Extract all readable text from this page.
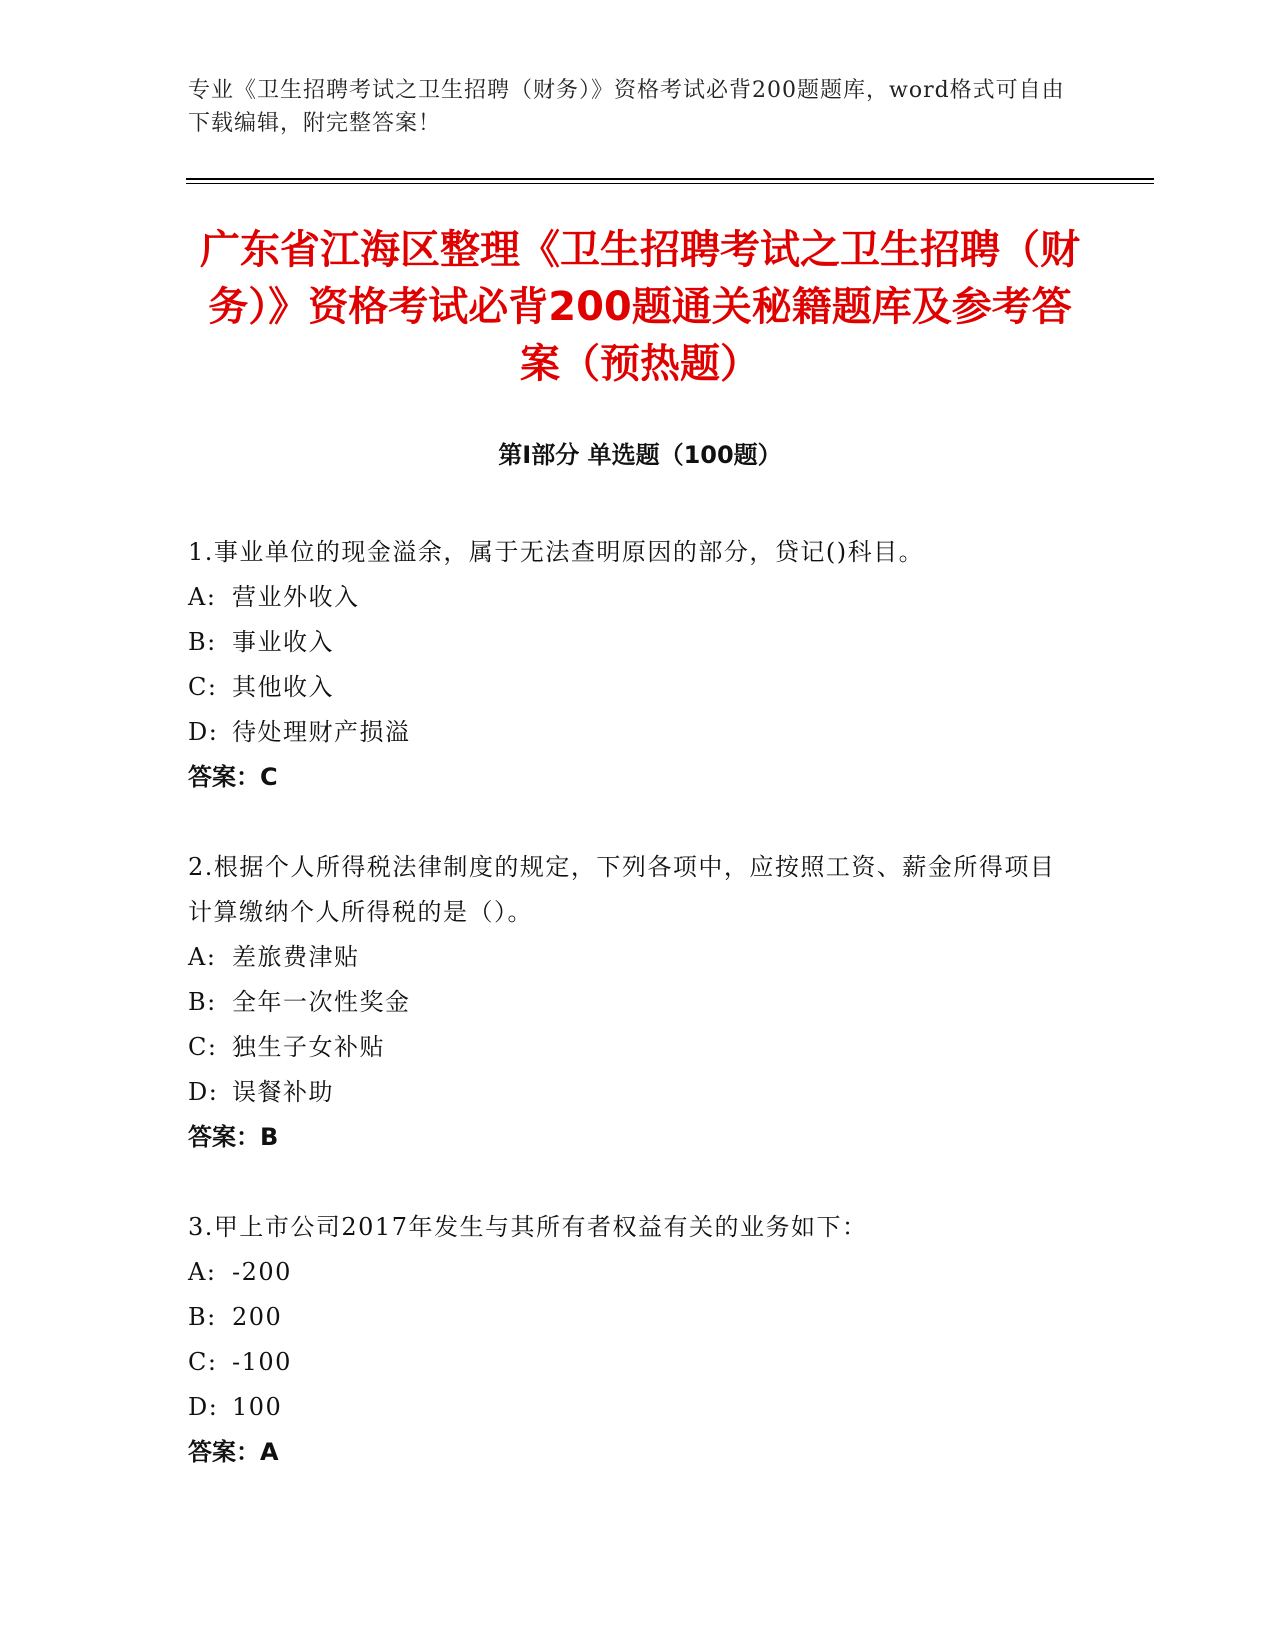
专业《卫生招聘考试之卫生招聘（财务）》资格考试必背200题题库，word格式可自由下载编辑，附完整答案！
广东省江海区整理《卫生招聘考试之卫生招聘（财务）》资格考试必背200题通关秘籍题库及参考答案（预热题）
第Ⅰ部分 单选题（100题）
1.事业单位的现金溢余，属于无法查明原因的部分，贷记()科目。
A: 营业外收入
B: 事业收入
C: 其他收入
D: 待处理财产损溢
答案：C
2.根据个人所得税法律制度的规定，下列各项中，应按照工资、薪金所得项目计算缴纳个人所得税的是（）。
A: 差旅费津贴
B: 全年一次性奖金
C: 独生子女补贴
D: 误餐补助
答案：B
3.甲上市公司2017年发生与其所有者权益有关的业务如下：
A: -200
B: 200
C: -100
D: 100
答案：A
